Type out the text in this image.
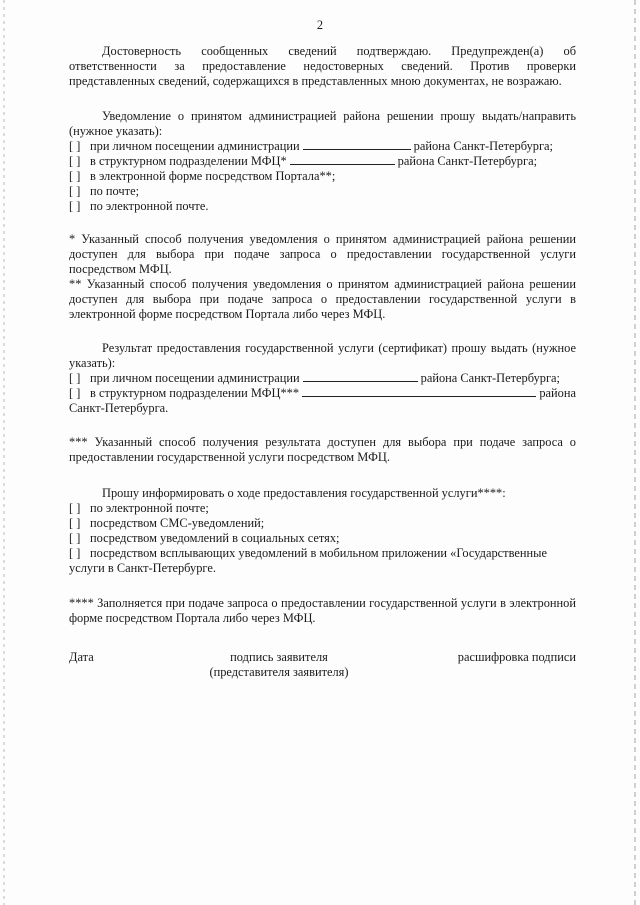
2

Достоверность сообщенных сведений подтверждаю. Предупрежден(а) об ответственности за предоставление недостоверных сведений. Против проверки представленных сведений, содержащихся в представленных мною документах, не возражаю.

Уведомление о принятом администрацией района решении прошу выдать/направить (нужное указать):

[ ] при личном посещении администрации	района Санкт-Петербурга;
[ ] в структурном подразделении МФЦ*	района Санкт-Петербурга;
[ ] в электронной форме посредством Портала**;
[ ] по почте;
[ ] по электронной почте.

* Указанный способ получения уведомления о принятом администрацией района решении доступен для выбора при подаче запроса о предоставлении государственной услуги посредством МФЦ.

** Указанный способ получения уведомления о принятом администрацией района решении доступен для выбора при подаче запроса о предоставлении государственной услуги в электронной форме посредством Портала либо через МФЦ.

Результат предоставления государственной услуги (сертификат) прошу выдать (нужное указать):

[ ] при личном посещении администрации	района Санкт-Петербурга;
[ ] в структурном подразделении МФЦ***	района

Санкт-Петербурга.

*** Указанный способ получения результата доступен для выбора при подаче запроса о предоставлении государственной услуги посредством МФЦ.

Прошу информировать о ходе предоставления государственной услуги****:

[ ] по электронной почте;
[ ] посредством СМС-уведомлений;
[ ] посредством уведомлений в социальных сетях;
[ ] посредством всплывающих уведомлений в мобильном приложении «Государственные

услуги в Санкт-Петербурге.

**** Заполняется при подаче запроса о предоставлении государственной услуги в электронной форме посредством Портала либо через МФЦ.

Дата	подпись заявителя
(представителя заявителя)
расшифровка подписи
